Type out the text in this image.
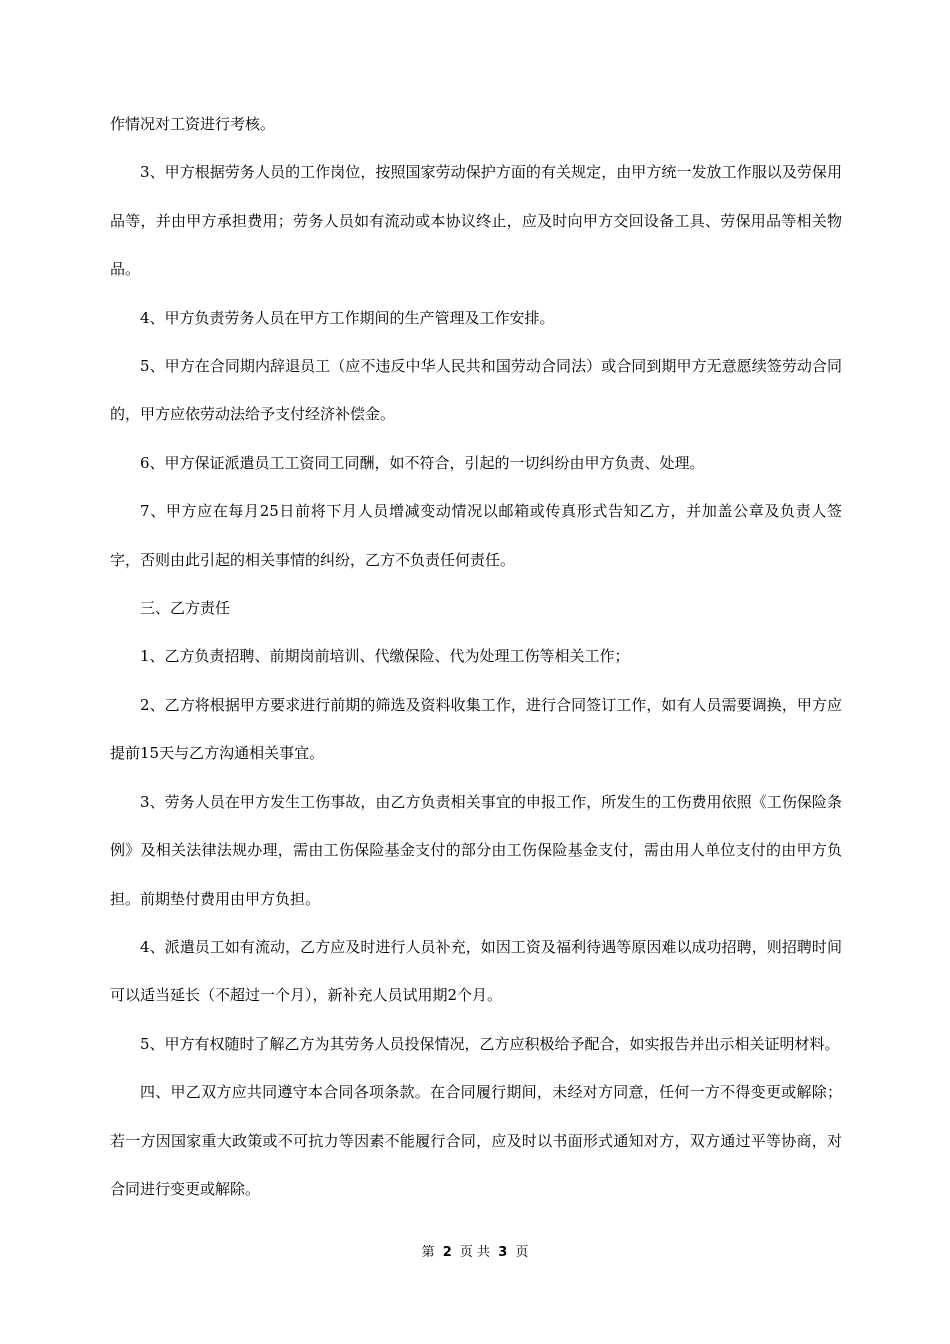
作情况对工资进行考核。

3、甲方根据劳务人员的工作岗位，按照国家劳动保护方面的有关规定，由甲方统一发放工作服以及劳保用品等，并由甲方承担费用；劳务人员如有流动或本协议终止，应及时向甲方交回设备工具、劳保用品等相关物品。

4、甲方负责劳务人员在甲方工作期间的生产管理及工作安排。

5、甲方在合同期内辞退员工（应不违反中华人民共和国劳动合同法）或合同到期甲方无意愿续签劳动合同的，甲方应依劳动法给予支付经济补偿金。

6、甲方保证派遣员工工资同工同酬，如不符合，引起的一切纠纷由甲方负责、处理。

7、甲方应在每月25日前将下月人员增减变动情况以邮箱或传真形式告知乙方，并加盖公章及负责人签字，否则由此引起的相关事情的纠纷，乙方不负责任何责任。

三、乙方责任

1、乙方负责招聘、前期岗前培训、代缴保险、代为处理工伤等相关工作；

2、乙方将根据甲方要求进行前期的筛选及资料收集工作，进行合同签订工作，如有人员需要调换，甲方应提前15天与乙方沟通相关事宜。

3、劳务人员在甲方发生工伤事故，由乙方负责相关事宜的申报工作，所发生的工伤费用依照《工伤保险条例》及相关法律法规办理，需由工伤保险基金支付的部分由工伤保险基金支付，需由用人单位支付的由甲方负担。前期垫付费用由甲方负担。

4、派遣员工如有流动，乙方应及时进行人员补充，如因工资及福利待遇等原因难以成功招聘，则招聘时间可以适当延长（不超过一个月），新补充人员试用期2个月。

5、甲方有权随时了解乙方为其劳务人员投保情况，乙方应积极给予配合，如实报告并出示相关证明材料。

四、甲乙双方应共同遵守本合同各项条款。在合同履行期间，未经对方同意，任何一方不得变更或解除；若一方因国家重大政策或不可抗力等因素不能履行合同，应及时以书面形式通知对方，双方通过平等协商，对合同进行变更或解除。

第 2 页 共 3 页
